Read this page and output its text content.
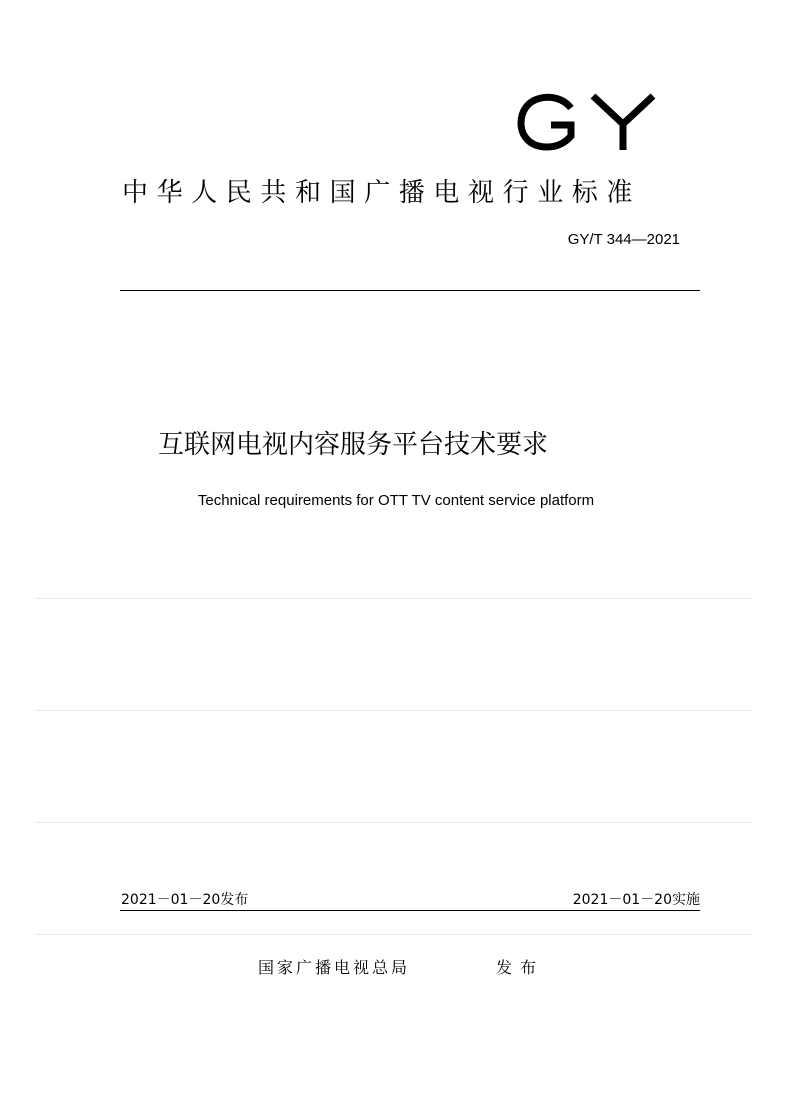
中华人民共和国广播电视行业标准
GY/T 344—2021
互联网电视内容服务平台技术要求
Technical requirements for OTT TV content service platform
2021－01－20发布	2021－01－20实施
国家广播电视总局	发布
